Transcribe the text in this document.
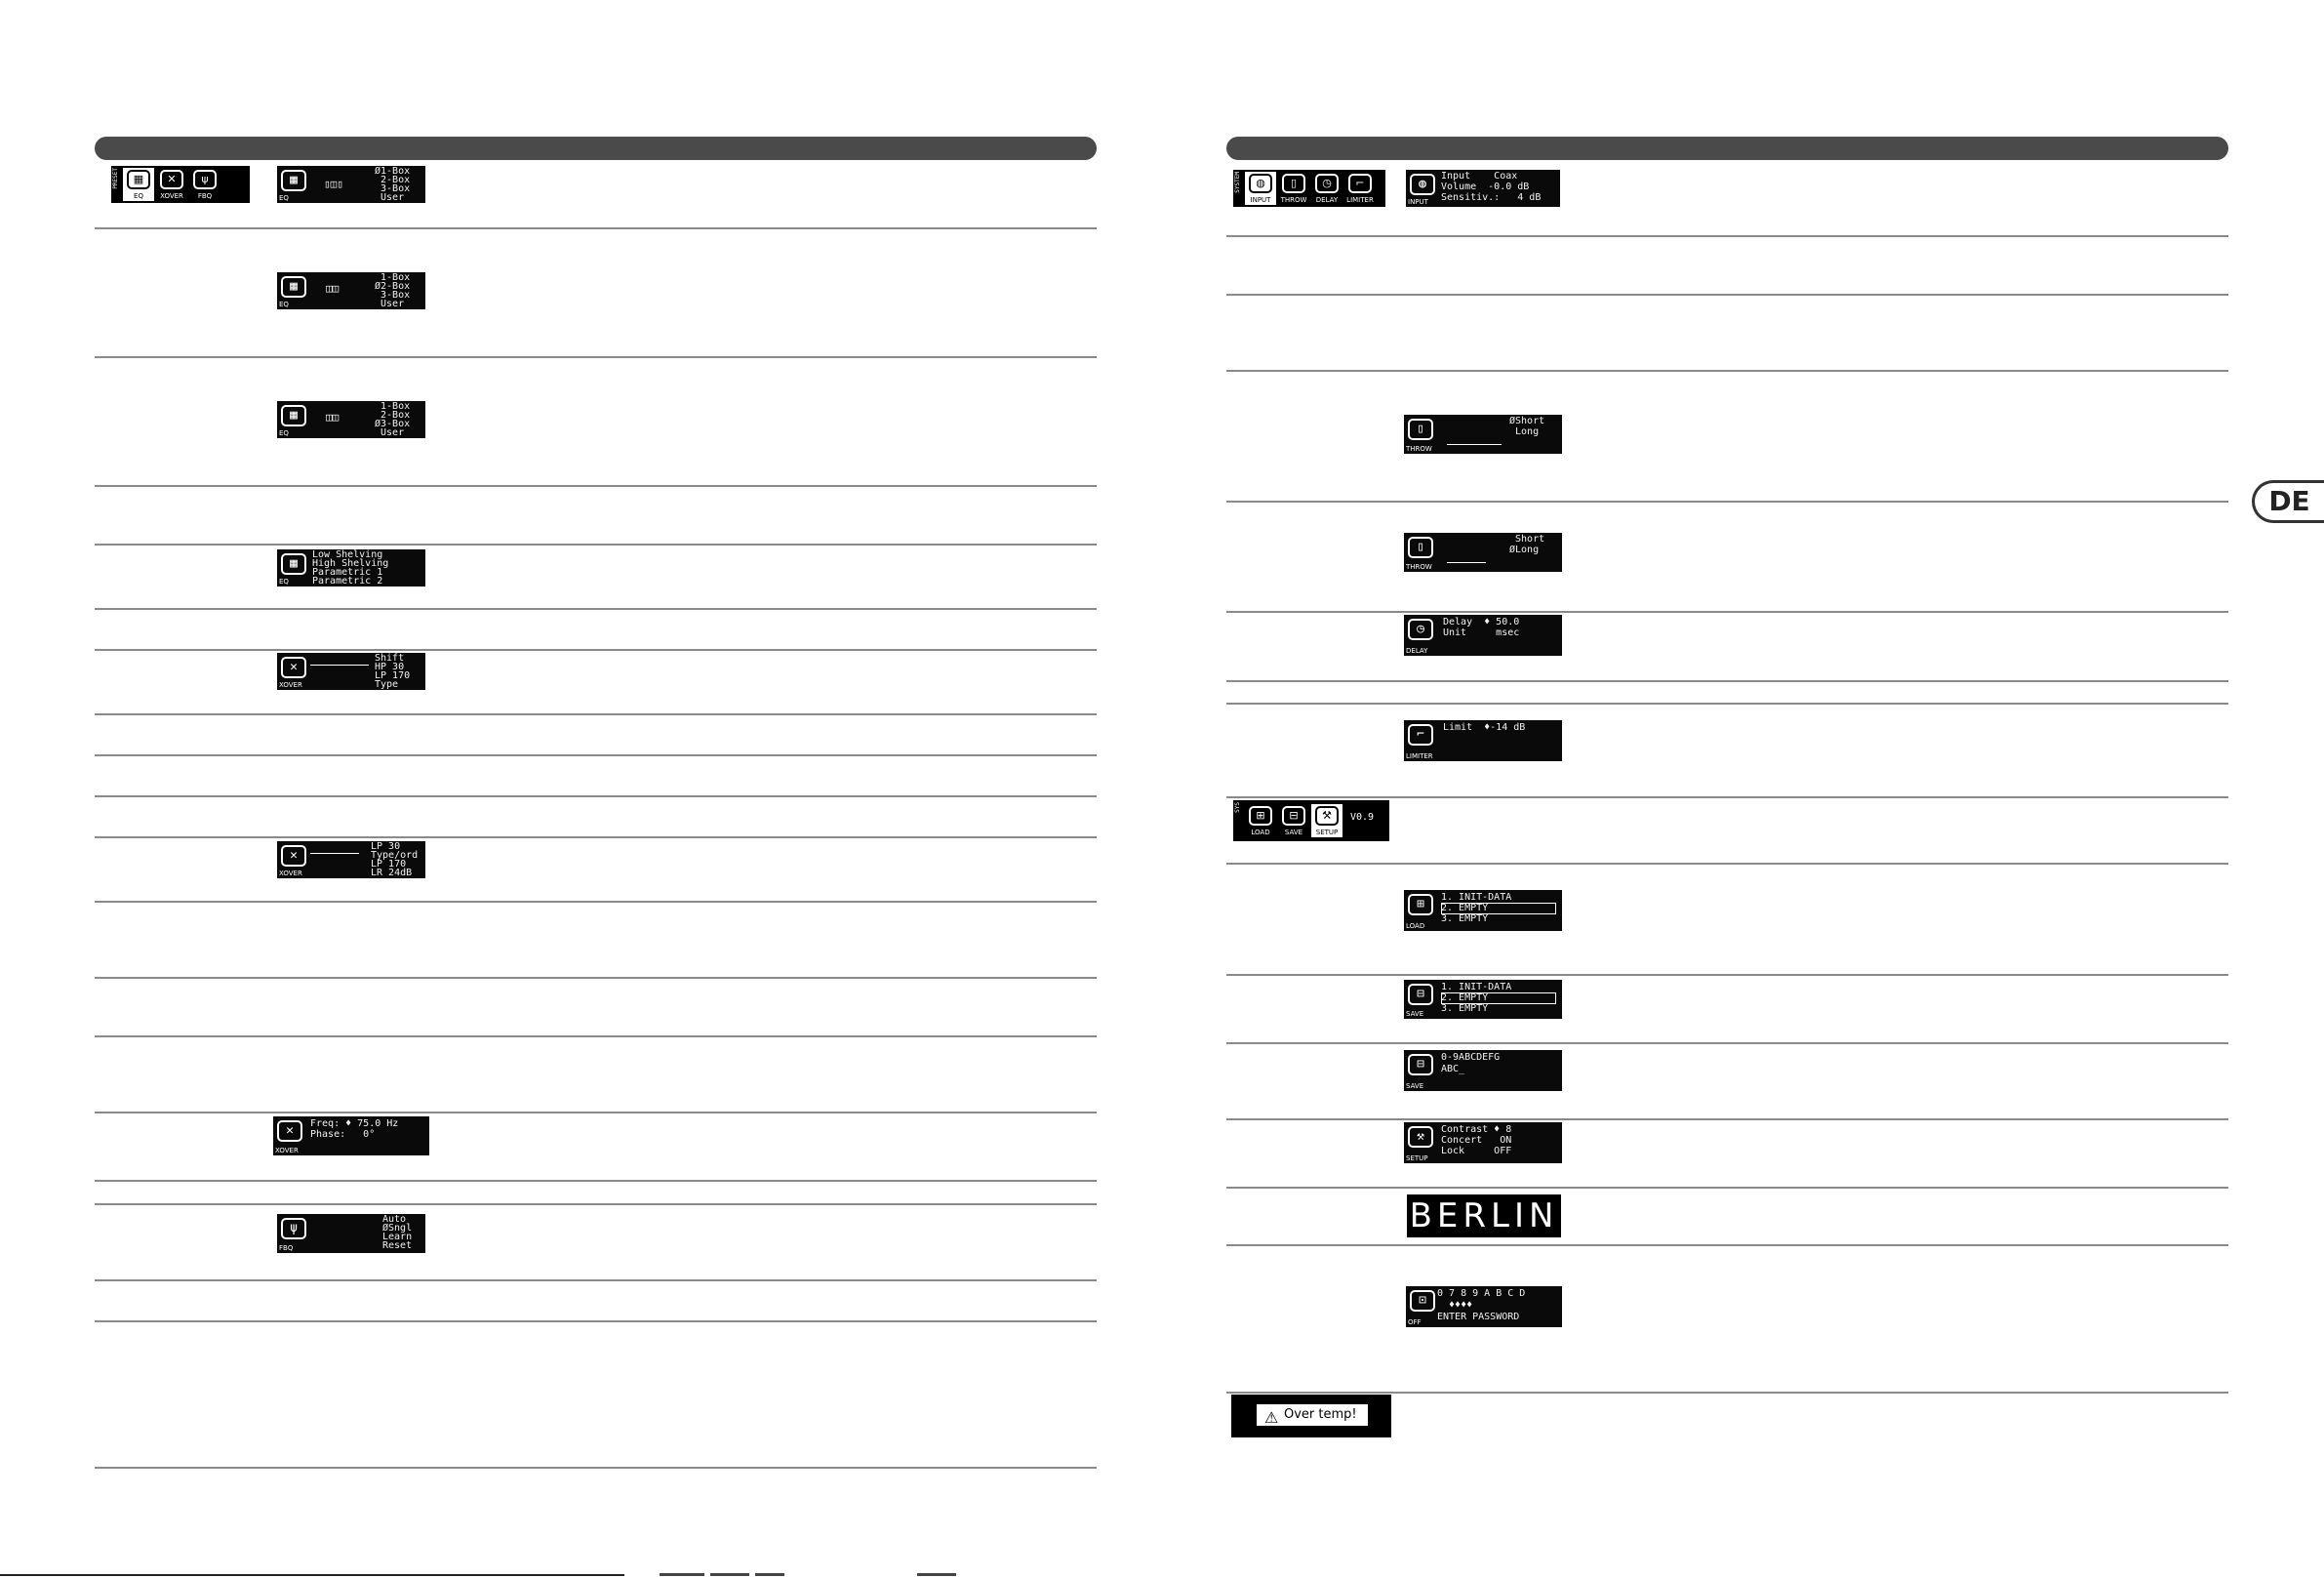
DE
PRESET	▦
EQ
✕
XOVER
ψ
FBQ
▦
EQ
▯◫▯
Ø1-Box
2-Box
3-Box
User
▦
EQ
◫◫
1-Box
Ø2-Box
3-Box
User
▦
EQ
◫◫
1-Box
2-Box
Ø3-Box
User
▦
EQ
Low Shelving
High Shelving
Parametric 1
Parametric 2
✕
XOVER
Shift
HP 30
LP 170
Type
✕
XOVER
LP 30
Type/ord
LP 170
LR 24dB
✕
XOVER
Freq: ♦ 75.0 Hz
Phase:   0°
ψ
FBQ
Auto
ØSngl
Learn
Reset
SYSTEM	◍
INPUT
▯
THROW
◷
DELAY
⌐
LIMITER
SYS
⊞
LOAD
⊟
SAVE
⚒
SETUP
V0.9
◍
INPUT
Input    Coax
Volume  -0.0 dB
Sensitiv.:   4 dB
▯
THROW
ØShort
Long
▯
THROW
Short
ØLong
◷
DELAY
Delay  ♦ 50.0
Unit     msec
⌐
LIMITER
Limit  ♦-14 dB
⊞
LOAD
1. INIT-DATA
2. EMPTY
3. EMPTY
⊟
SAVE
1. INIT-DATA
2. EMPTY
3. EMPTY
⊟
SAVE
0-9ABCDEFG
ABC_
⚒
SETUP
Contrast ♦ 8
Concert   ON
Lock     OFF
BERLIN
⊡
OFF
0 7 8 9 A B C D
♦♦♦♦
ENTER PASSWORD
⚠ Over temp!
